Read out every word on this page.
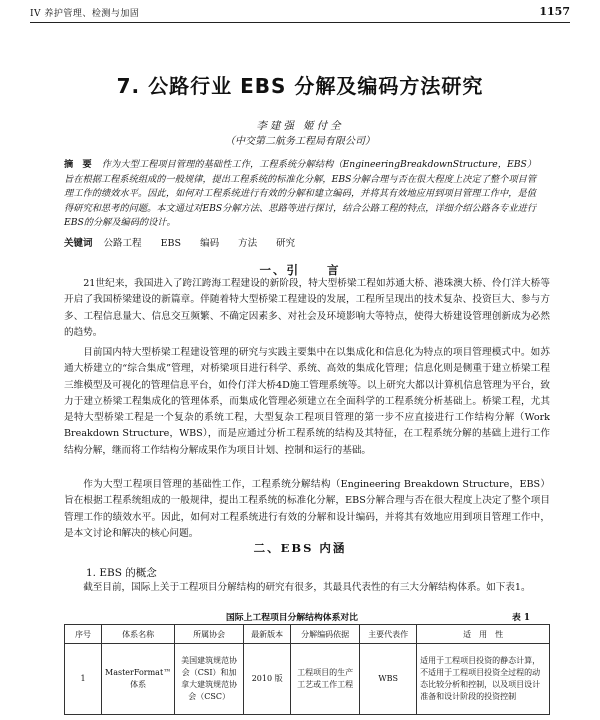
IV 养护管理、检测与加固	1157
7. 公路行业 EBS 分解及编码方法研究
李建强 姬付全
（中交第二航务工程局有限公司）
摘　要 作为大型工程项目管理的基础性工作，工程系统分解结构（EngineeringBreakdownStructure，EBS）旨在根据工程系统组成的一般规律，提出工程系统的标准化分解，EBS分解合理与否在很大程度上决定了整个项目管理工作的绩效水平。因此，如何对工程系统进行有效的分解和建立编码，并将其有效地应用到项目管理工作中，是值得研究和思考的问题。本文通过对EBS分解方法、思路等进行探讨，结合公路工程的特点，详细介绍公路各专业进行EBS的分解及编码的设计。
关键词 公路工程 EBS 编码 方法 研究
一、引　　言

21世纪来，我国进入了跨江跨海工程建设的新阶段，特大型桥梁工程如苏通大桥、港珠澳大桥、伶仃洋大桥等开启了我国桥梁建设的新篇章。伴随着特大型桥梁工程建设的发展，工程所呈现出的技术复杂、投资巨大、参与方多、工程信息量大、信息交互频繁、不确定因素多、对社会及环境影响大等特点，使得大桥建设管理创新成为必然的趋势。

目前国内特大型桥梁工程建设管理的研究与实践主要集中在以集成化和信息化为特点的项目管理模式中。如苏通大桥建立的“综合集成”管理，对桥梁项目进行科学、系统、高效的集成化管理；信息化则是侧重于建立桥梁工程三维模型及可视化的管理信息平台，如伶仃洋大桥4D施工管理系统等。以上研究大都以计算机信息管理为平台，致力于建立桥梁工程集成化的管理体系，而集成化管理必须建立在全面科学的工程系统分析基础上。桥梁工程，尤其是特大型桥梁工程是一个复杂的系统工程，大型复杂工程项目管理的第一步不应直接进行工作结构分解（Work Breakdown Structure，WBS），而是应通过分析工程系统的结构及其特征，在工程系统分解的基础上进行工作结构分解，继而将工作结构分解成果作为项目计划、控制和运行的基础。

作为大型工程项目管理的基础性工作，工程系统分解结构（Engineering Breakdown Structure，EBS）旨在根据工程系统组成的一般规律，提出工程系统的标准化分解，EBS分解合理与否在很大程度上决定了整个项目管理工作的绩效水平。因此，如何对工程系统进行有效的分解和设计编码，并将其有效地应用到项目管理工作中，是本文讨论和解决的核心问题。

二、EBS 内涵
1. EBS 的概念

截至目前，国际上关于工程项目分解结构的研究有很多，其最具代表性的有三大分解结构体系。如下表1。

国际上工程项目分解结构体系对比	表 1
序号	体系名称	所属协会	最新版本	分解编码依据	主要代表作	适　用　性
1	MasterFormat™ 体系	美国建筑规范协会（CSI）和加拿大建筑规范协会（CSC）	2010 版	工程项目的生产工艺或工作工程	WBS	适用于工程项目投资的静态计算，不适用于工程项目投资全过程的动态比较分析和控制，以及项目设计准备和设计阶段的投资控制
